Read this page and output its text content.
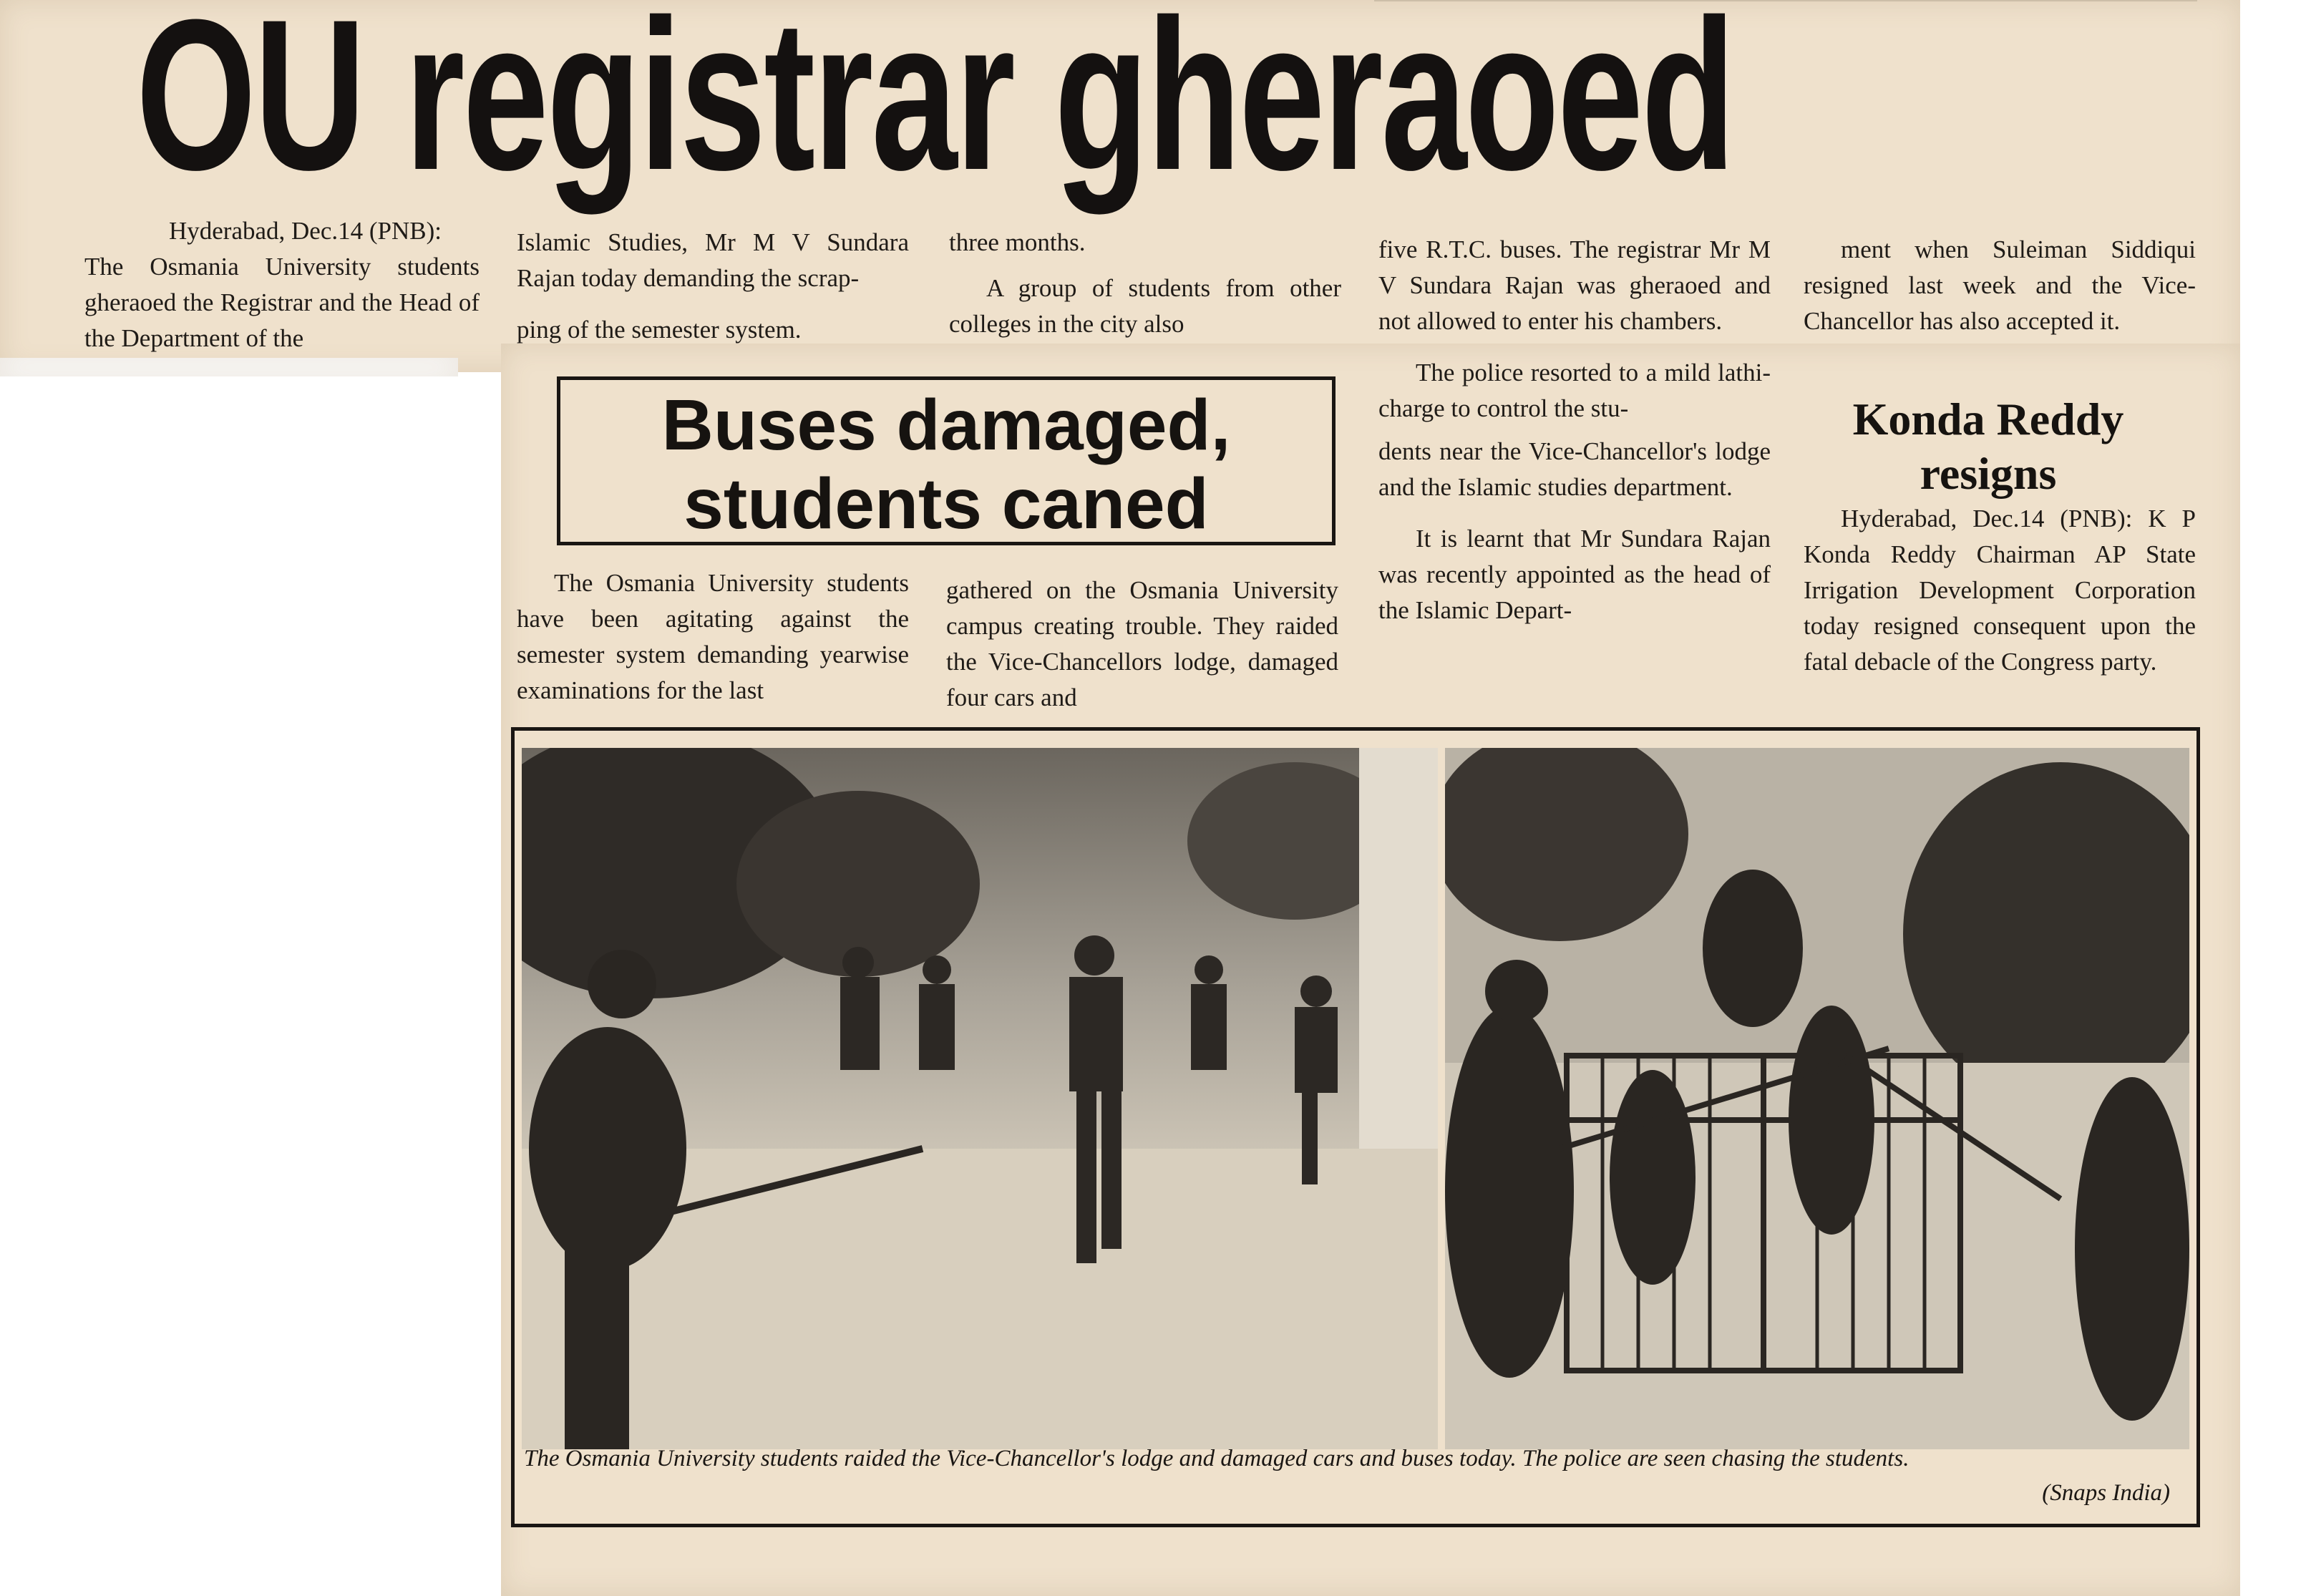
OU registrar gheraoed
Hyderabad, Dec.14 (PNB): The Osmania University students gheraoed the Registrar and the Head of the Department of the

Islamic Studies, Mr M V Sundara Rajan today demanding the scrap-

ping of the semester system.

three months.

A group of students from other colleges in the city also

Buses damaged,
students caned
The Osmania University students have been agitating against the semester system demanding yearwise examinations for the last
gathered on the Osmania University campus creating trouble. They raided the Vice-Chancellors lodge, damaged four cars and

five R.T.C. buses. The registrar Mr M V Sundara Rajan was gheraoed and not allowed to enter his chambers.

The police resorted to a mild lathi-charge to control the stu-

dents near the Vice-Chancellor's lodge and the Islamic studies department.

It is learnt that Mr Sundara Rajan was recently appointed as the head of the Islamic Depart-

ment when Suleiman Siddiqui resigned last week and the Vice-Chancellor has also accepted it.

Konda Reddy
resigns
Hyderabad, Dec.14 (PNB): K P Konda Reddy Chairman AP State Irrigation Development Corporation today resigned consequent upon the fatal debacle of the Congress party.
The Osmania University students raided the Vice-Chancellor's lodge and damaged cars and buses today. The police are seen chasing the students.
(Snaps India)
